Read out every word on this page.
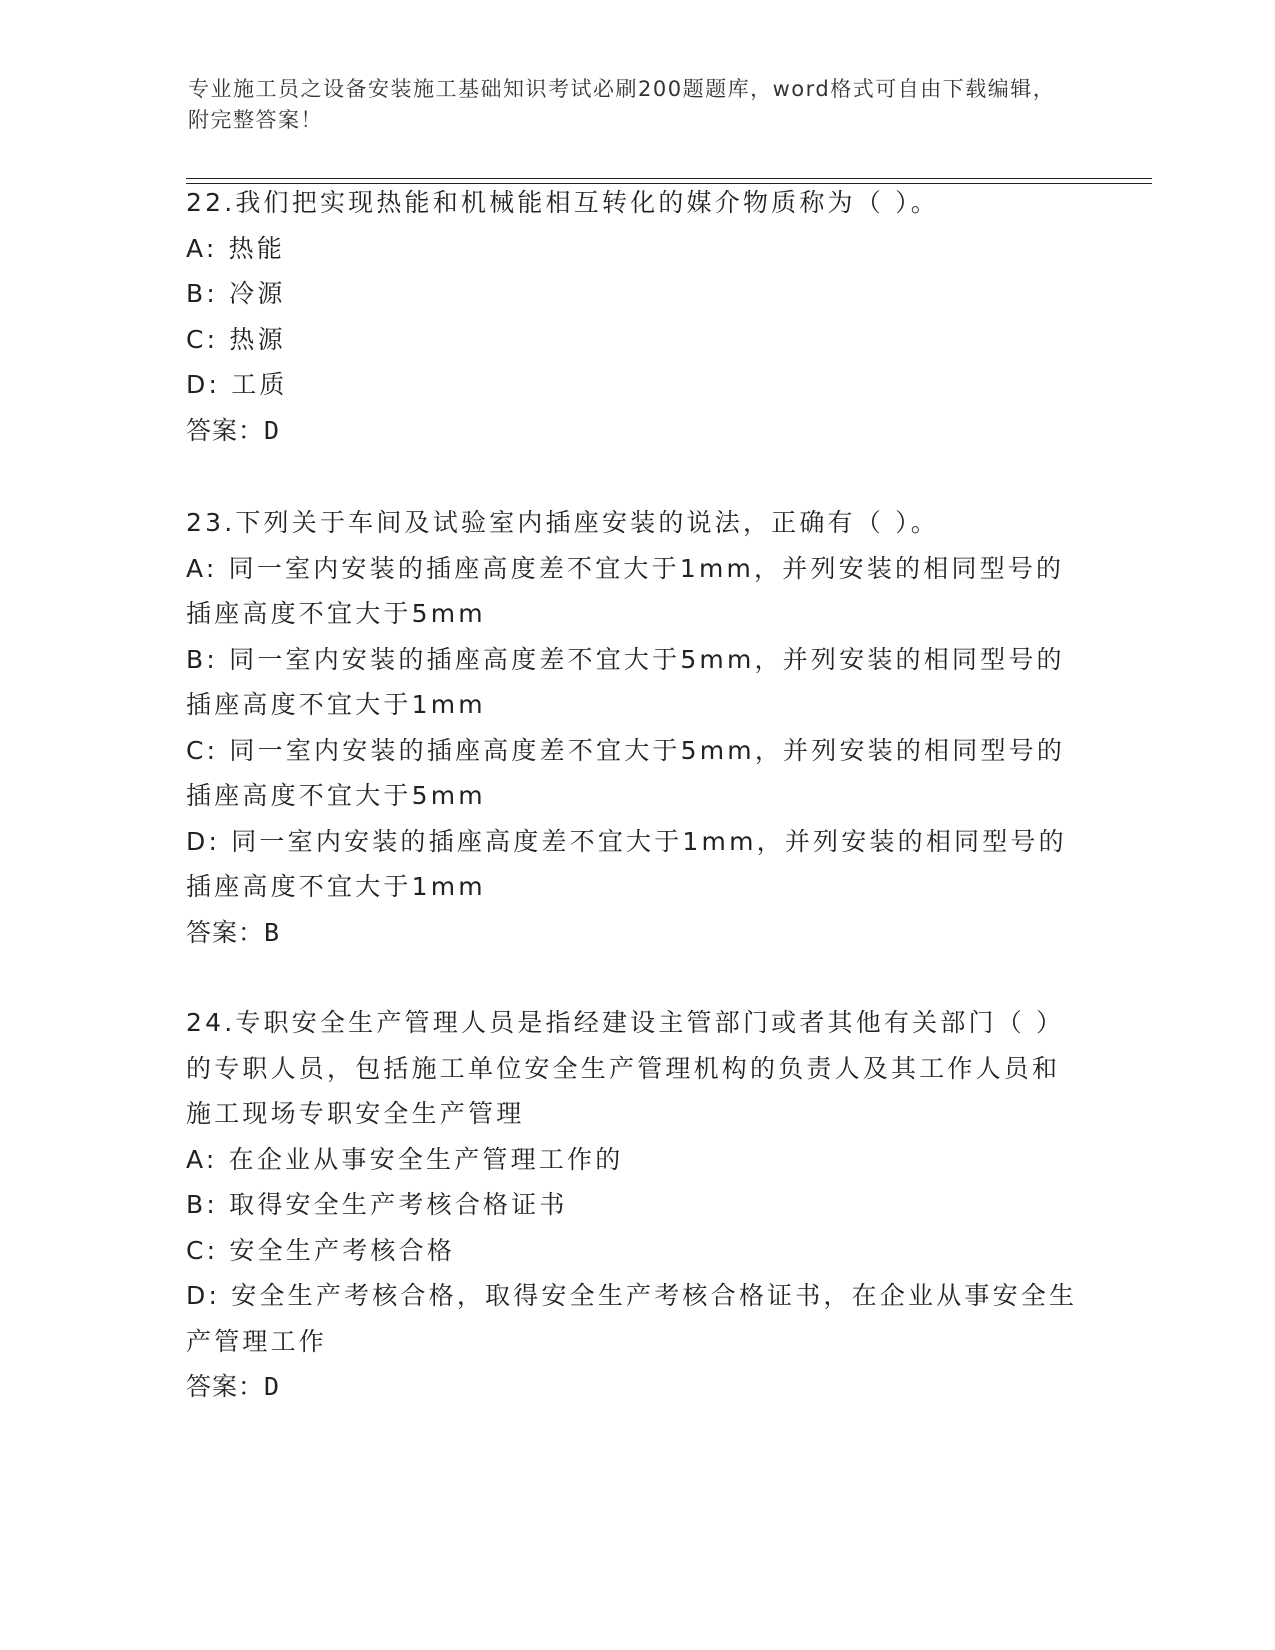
专业施工员之设备安装施工基础知识考试必刷200题题库，word格式可自由下载编辑，附完整答案！
22.我们把实现热能和机械能相互转化的媒介物质称为（ ）。
A: 热能
B: 冷源
C: 热源
D: 工质
答案：D
23.下列关于车间及试验室内插座安装的说法，正确有（ ）。
A: 同一室内安装的插座高度差不宜大于1mm，并列安装的相同型号的插座高度不宜大于5mm
B: 同一室内安装的插座高度差不宜大于5mm，并列安装的相同型号的插座高度不宜大于1mm
C: 同一室内安装的插座高度差不宜大于5mm，并列安装的相同型号的插座高度不宜大于5mm
D: 同一室内安装的插座高度差不宜大于1mm，并列安装的相同型号的插座高度不宜大于1mm
答案：B
24.专职安全生产管理人员是指经建设主管部门或者其他有关部门（ ）的专职人员，包括施工单位安全生产管理机构的负责人及其工作人员和施工现场专职安全生产管理
A: 在企业从事安全生产管理工作的
B: 取得安全生产考核合格证书
C: 安全生产考核合格
D: 安全生产考核合格，取得安全生产考核合格证书，在企业从事安全生产管理工作
答案：D
